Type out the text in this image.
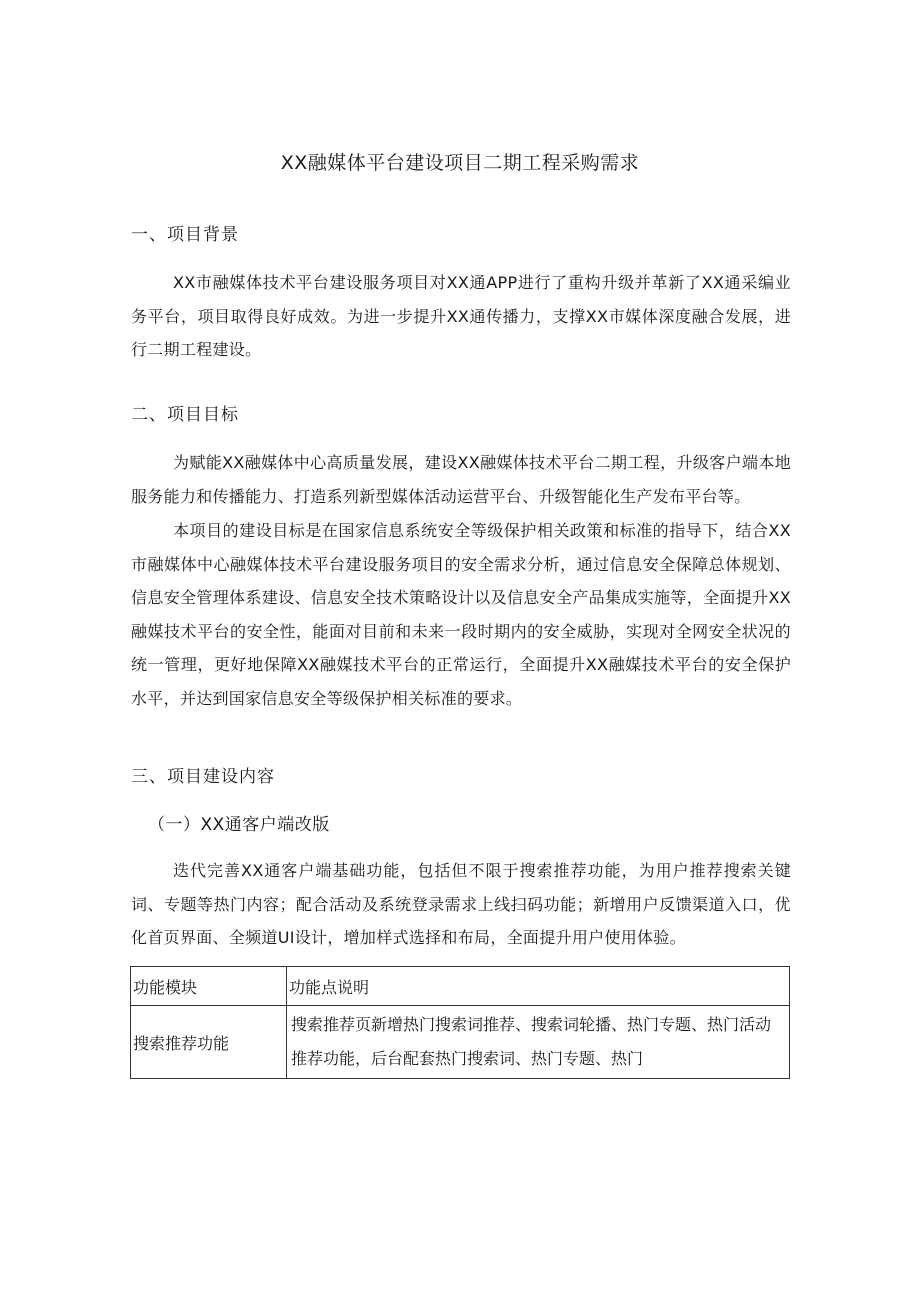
XX融媒体平台建设项目二期工程采购需求
一、项目背景
XX市融媒体技术平台建设服务项目对XX通APP进行了重构升级并革新了XX通采编业务平台，项目取得良好成效。为进一步提升XX通传播力，支撑XX市媒体深度融合发展，进行二期工程建设。
二、项目目标
为赋能XX融媒体中心高质量发展，建设XX融媒体技术平台二期工程，升级客户端本地服务能力和传播能力、打造系列新型媒体活动运营平台、升级智能化生产发布平台等。
本项目的建设目标是在国家信息系统安全等级保护相关政策和标准的指导下，结合XX市融媒体中心融媒体技术平台建设服务项目的安全需求分析，通过信息安全保障总体规划、信息安全管理体系建设、信息安全技术策略设计以及信息安全产品集成实施等，全面提升XX融媒技术平台的安全性，能面对目前和未来一段时期内的安全威胁，实现对全网安全状况的统一管理，更好地保障XX融媒技术平台的正常运行，全面提升XX融媒技术平台的安全保护水平，并达到国家信息安全等级保护相关标准的要求。
三、项目建设内容
（一）XX通客户端改版
迭代完善XX通客户端基础功能，包括但不限于搜索推荐功能，为用户推荐搜索关键词、专题等热门内容；配合活动及系统登录需求上线扫码功能；新增用户反馈渠道入口，优化首页界面、全频道UI设计，增加样式选择和布局，全面提升用户使用体验。
功能模块	功能点说明
搜索推荐功能	搜索推荐页新增热门搜索词推荐、搜索词轮播、热门专题、热门活动推荐功能，后台配套热门搜索词、热门专题、热门
